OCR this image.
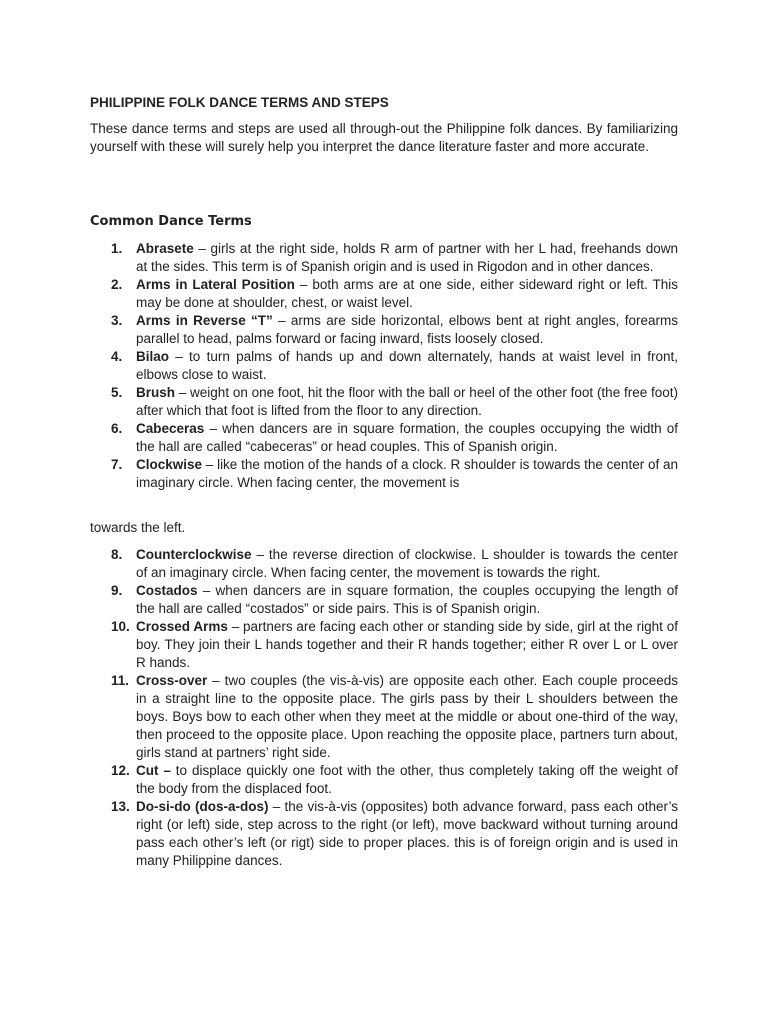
PHILIPPINE FOLK DANCE TERMS AND STEPS

These dance terms and steps are used all through-out the Philippine folk dances. By familiarizing yourself with these will surely help you interpret the dance literature faster and more accurate.

Common Dance Terms

1. Abrasete – girls at the right side, holds R arm of partner with her L had, freehands down at the sides. This term is of Spanish origin and is used in Rigodon and in other dances.
2. Arms in Lateral Position – both arms are at one side, either sideward right or left. This may be done at shoulder, chest, or waist level.
3. Arms in Reverse “T” – arms are side horizontal, elbows bent at right angles, forearms parallel to head, palms forward or facing inward, fists loosely closed.
4. Bilao – to turn palms of hands up and down alternately, hands at waist level in front, elbows close to waist.
5. Brush – weight on one foot, hit the floor with the ball or heel of the other foot (the free foot) after which that foot is lifted from the floor to any direction.
6. Cabeceras – when dancers are in square formation, the couples occupying the width of the hall are called “cabeceras” or head couples. This of Spanish origin.
7. Clockwise – like the motion of the hands of a clock. R shoulder is towards the center of an imaginary circle. When facing center, the movement is

towards the left.

8. Counterclockwise – the reverse direction of clockwise. L shoulder is towards the center of an imaginary circle. When facing center, the movement is towards the right.
9. Costados – when dancers are in square formation, the couples occupying the length of the hall are called “costados” or side pairs. This is of Spanish origin.
10. Crossed Arms – partners are facing each other or standing side by side, girl at the right of boy. They join their L hands together and their R hands together; either R over L or L over R hands.
11. Cross-over – two couples (the vis-à-vis) are opposite each other. Each couple proceeds in a straight line to the opposite place. The girls pass by their L shoulders between the boys. Boys bow to each other when they meet at the middle or about one-third of the way, then proceed to the opposite place. Upon reaching the opposite place, partners turn about, girls stand at partners’ right side.
12. Cut – to displace quickly one foot with the other, thus completely taking off the weight of the body from the displaced foot.
13. Do-si-do (dos-a-dos) – the vis-à-vis (opposites) both advance forward, pass each other’s right (or left) side, step across to the right (or left), move backward without turning around pass each other’s left (or rigt) side to proper places. this is of foreign origin and is used in many Philippine dances.
